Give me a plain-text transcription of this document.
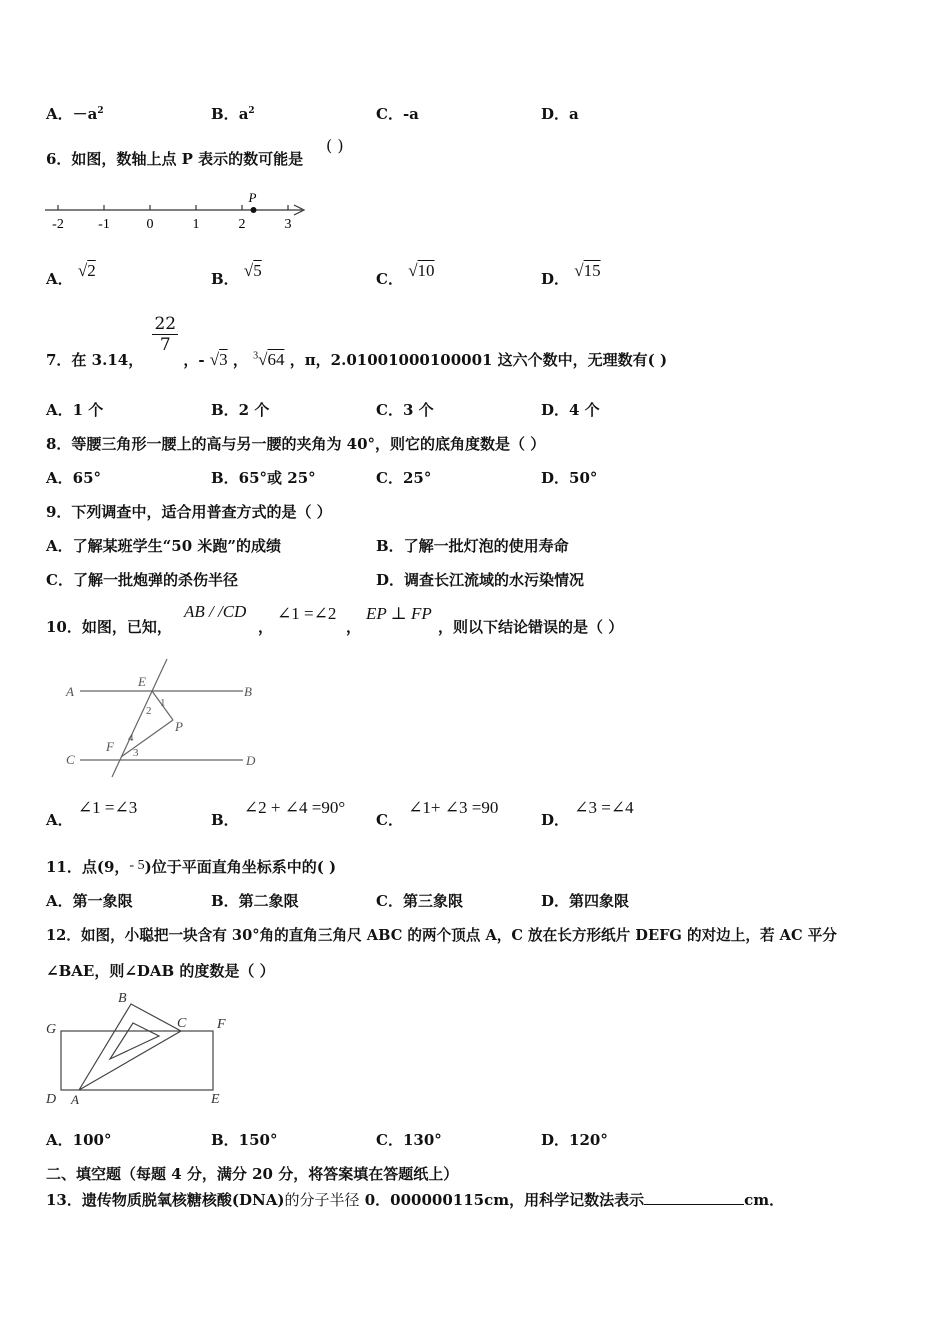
A．$-a^2$	B．$a^2$	C．-a	D．a
6．如图，数轴上点 P 表示的数可能是
( )
-2 -1	0	1	2	3
P
A． √2	B． √5	C． √10	D． √15
7．在 3.14，
$\frac{22}{7}$
，- √3 ， $^3$√64 ，π，2.01001000100001 这六个数中，无理数有( )
A．1 个	B．2 个	C．3 个	D．4 个
8．等腰三角形一腰上的高与另一腰的夹角为 40°，则它的底角度数是（ ）
A．65°	B．65°或 25°	C．25°	D．50°
9．下列调查中，适合用普查方式的是（ ）
A．了解某班学生“50 米跑”的成绩	B．了解一批灯泡的使用寿命
C．了解一批炮弹的杀伤半径	D．调查长江流域的水污染情况
10．如图，已知，
AB / /CD
，
∠1 =∠2
，
EP ⊥ FP
，则以下结论错误的是（ ）
A	B
C	D
E
F
P
1
2
3
4
A． ∠1 =∠3
B． ∠2 + ∠4 =90°
C． ∠1+ ∠3 =90
D． ∠3 =∠4
11．点(9，- 5)位于平面直角坐标系中的( )
A．第一象限	B．第二象限	C．第三象限	D．第四象限
12．如图，小聪把一块含有 30°角的直角三角尺 ABC 的两个顶点 A，C 放在长方形纸片 DEFG 的对边上，若 AC 平分
∠BAE，则∠DAB 的度数是（ ）
G	F
D	E
A
B
C
A．100°	B．150°	C．130°	D．120°
二、填空题（每题 4 分，满分 20 分，将答案填在答题纸上）
13．遗传物质脱氧核糖核酸(DNA)的分子半径 0．000000115cm，用科学记数法表示	cm．
